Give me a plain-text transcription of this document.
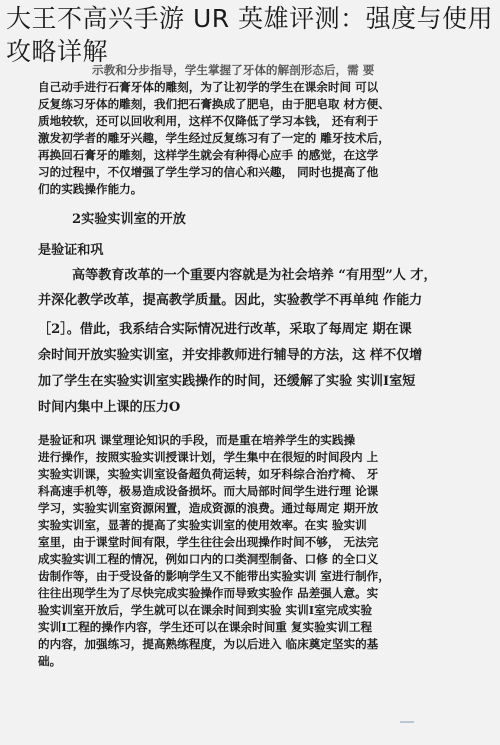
大王不高兴手游 UR 英雄评测：强度与使用攻略详解
示教和分步指导，学生掌握了牙体的解剖形态后，需 要
自己动手进行石膏牙体的雕刻，为了让初学的学生在课余时间 可以
反复练习牙体的雕刻，我们把石膏换成了肥皂，由于肥皂取 材方便、
质地较软，还可以回收利用，这样不仅降低了学习本钱， 还有利于
激发初学者的雕牙兴趣，学生经过反复练习有了一定的 雕牙技术后，
再换回石膏牙的雕刻，这样学生就会有种得心应手 的感觉，在这学
习的过程中，不仅增强了学生学习的信心和兴趣， 同时也提高了他
们的实践操作能力。
2实验实训室的开放
是验证和巩
高等教育改革的一个重要内容就是为社会培养 “有用型”人 才，
并深化教学改革，提高教学质量。因此，实验教学不再单纯 作能力
［2］。借此，我系结合实际情况进行改革，采取了每周定 期在课
余时间开放实验实训室，并安排教师进行辅导的方法，这 样不仅增
加了学生在实验实训室实践操作的时间，还缓解了实验 实训I室短
时间内集中上课的压力O
是验证和巩 课堂理论知识的手段，而是重在培养学生的实践操
进行操作，按照实验实训授课计划，学生集中在很短的时间段内 上
实验实训课，实验实训室设备超负荷运转，如牙科综合治疗椅、 牙
科高速手机等，极易造成设备损坏。而大局部时间学生进行理 论课
学习，实验实训室资源闲置，造成资源的浪费。通过每周定 期开放
实验实训室，显著的提高了实验实训室的使用效率。在实 验实训
室里，由于课堂时间有限，学生往往会出现操作时间不够， 无法完
成实验实训工程的情况，例如口内的口类洞型制备、口修 的全口义
齿制作等，由于受设备的影响学生又不能带出实验实训 室进行制作，
往往出现学生为了尽快完成实验操作而导致实验作 品差强人意。实
验实训室开放后，学生就可以在课余时间到实验 实训I室完成实验
实训I工程的操作内容，学生还可以在课余时间重 复实验实训工程
的内容，加强练习，提高熟练程度，为以后进入 临床奠定坚实的基
础。
